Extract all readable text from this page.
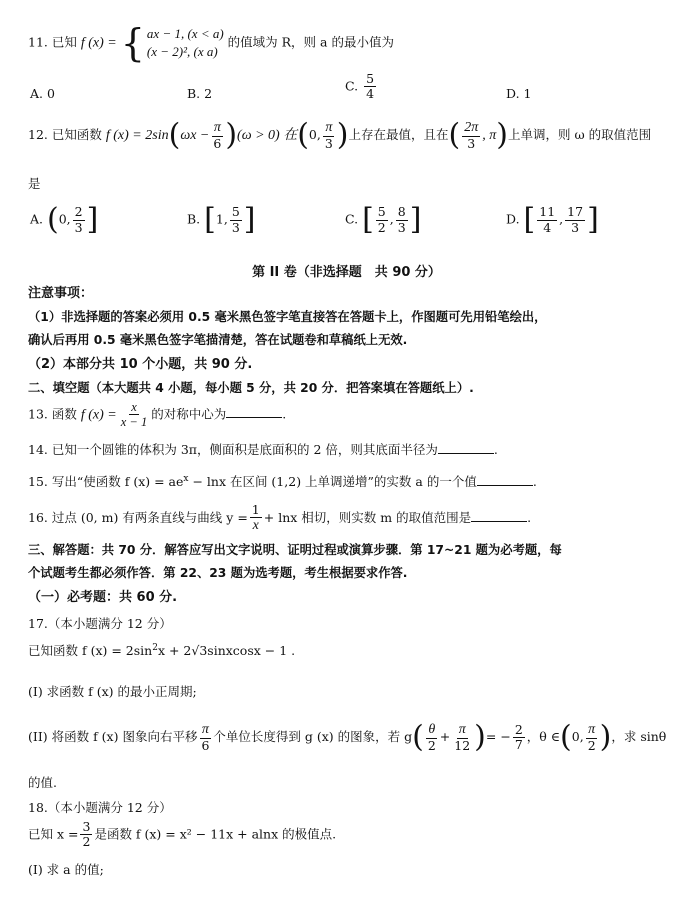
11. 已知 f (x) = { ax − 1, (x < a)
(x − 2)², (x a)
的值域为 R，则 a 的最小值为
A. 0	B. 2
C. $\frac{5}{4}$	D. 1
12. 已知函数 f $(x) = 2\sin(\omega x - \frac{\pi}{6} )(\omega > 0)$ 在(0, $\frac{\pi}{3}$ )上存在最值，且在( $\frac{2\pi}{3}$ , π)上单调，则 ω 的取值范围
是
A. (0, $\frac{2}{3}$ ]	B. [1, $\frac{5}{3}$ ]	C. [ $\frac{5}{2}$ , $\frac{8}{3}$ ]	D. [ $\frac{11}{4}$ , $\frac{17}{3}$ ]
第 II 卷（非选择题　共 90 分）
注意事项：
（1）非选择题的答案必须用 0.5 毫米黑色签字笔直接答在答题卡上，作图题可先用铅笔绘出，
确认后再用 0.5 毫米黑色签字笔描清楚，答在试题卷和草稿纸上无效.
（2）本部分共 10 个小题，共 90 分.
二、填空题（本大题共 4 小题，每小题 5 分，共 20 分．把答案填在答题纸上）.
13. 函数 f $(x) = \frac{x}{x - 1}$ 的对称中心为	.
14. 已知一个圆锥的体积为 3π，侧面积是底面积的 2 倍，则其底面半径为	.
15. 写出“使函数 f $(x) = ae^x - \ln x$ 在区间 (1,2) 上单调递增”的实数 a 的一个值	.
16. 过点 (0, m) 有两条直线与曲线 $y = \frac{1}{x} + \ln x$ 相切，则实数 m 的取值范围是	.
三、解答题：共 70 分．解答应写出文字说明、证明过程或演算步骤．第 17~21 题为必考题，每
个试题考生都必须作答．第 22、23 题为选考题，考生根据要求作答.
（一）必考题：共 60 分.
17.（本小题满分 12 分）
已知函数 f $(x) = 2\sin^2x$ + 2√3sinxcosx − 1 .
(I) 求函数 f (x) 的最小正周期;
(II) 将函数 f (x) 图象向右平移 $\frac{\pi}{6}$ 个单位长度得到 g (x) 的图象，若 $g( \frac{\theta}{2} + \frac{\pi}{12}$ )= − $\frac{2}{7}$ ，θ ∈(0, $\frac{\pi}{2}$ )，求 sinθ
的值.
18.（本小题满分 12 分）
已知 $x = \frac{3}{2}$ 是函数 f (x) = x² − 11x + alnx 的极值点.
(I) 求 a 的值;
